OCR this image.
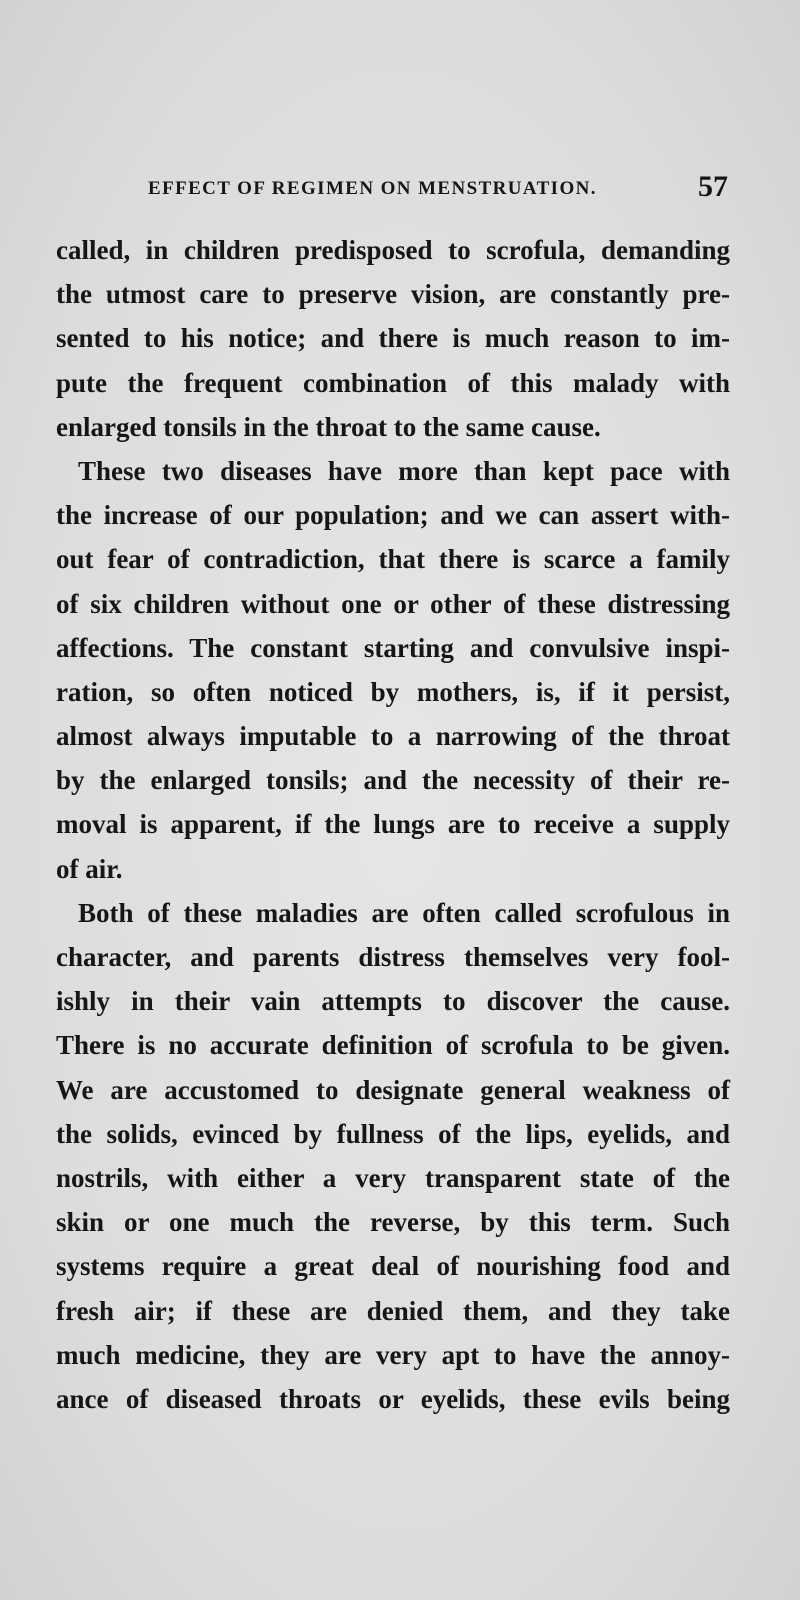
EFFECT OF REGIMEN ON MENSTRUATION.	57
called, in children predisposed to scrofula, demanding
the utmost care to preserve vision, are constantly pre-
sented to his notice; and there is much reason to im-
pute the frequent combination of this malady with
enlarged tonsils in the throat to the same cause.
These two diseases have more than kept pace with
the increase of our population; and we can assert with-
out fear of contradiction, that there is scarce a family
of six children without one or other of these distressing
affections. The constant starting and convulsive inspi-
ration, so often noticed by mothers, is, if it persist,
almost always imputable to a narrowing of the throat
by the enlarged tonsils; and the necessity of their re-
moval is apparent, if the lungs are to receive a supply
of air.
Both of these maladies are often called scrofulous in
character, and parents distress themselves very fool-
ishly in their vain attempts to discover the cause.
There is no accurate definition of scrofula to be given.
We are accustomed to designate general weakness of
the solids, evinced by fullness of the lips, eyelids, and
nostrils, with either a very transparent state of the
skin or one much the reverse, by this term. Such
systems require a great deal of nourishing food and
fresh air; if these are denied them, and they take
much medicine, they are very apt to have the annoy-
ance of diseased throats or eyelids, these evils being
